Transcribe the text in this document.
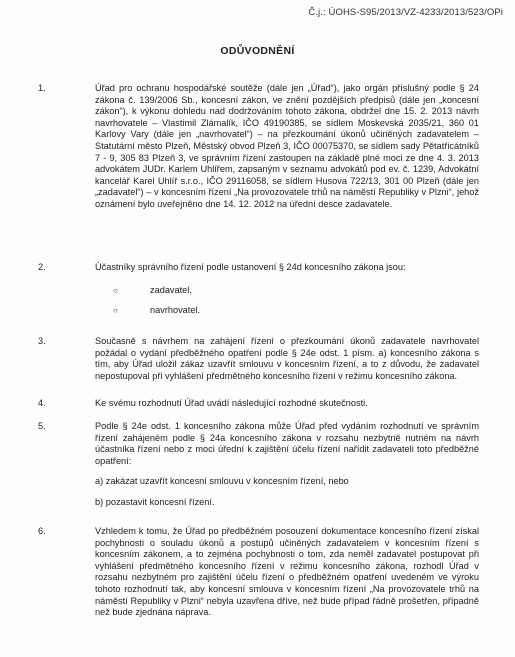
Č.j.: ÚOHS-S95/2013/VZ-4233/2013/523/OPi
ODŮVODNĚNÍ
1.	Úřad pro ochranu hospodářské soutěže (dále jen „Úřad“), jako orgán příslušný podle § 24 zákona č. 139/2006 Sb., koncesní zákon, ve znění pozdějších předpisů (dále jen „koncesní zákon“), k výkonu dohledu nad dodržováním tohoto zákona, obdržel dne 15. 2. 2013 návrh navrhovatele – Vlastimil Zlámalík, IČO 49190385, se sídlem Moskevská 2035/21, 360 01 Karlovy Vary (dále jen „navrhovatel“) – na přezkoumání úkonů učiněných zadavatelem – Statutární město Plzeň, Městský obvod Plzeň 3, IČO 00075370, se sídlem sady Pětatřicátníků 7 - 9, 305 83 Plzeň 3, ve správním řízení zastoupen na základě plné moci ze dne 4. 3. 2013 advokátem JUDr. Karlem Uhlířem, zapsaným v seznamu advokátů pod ev. č. 1239, Advokátní kancelář Karel Uhlíř s.r.o., IČO 29116058, se sídlem Husova 722/13, 301 00 Plzeň (dále jen „zadavatel“) – v koncesním řízení „Na provozovatele trhů na náměstí Republiky v Plzni“, jehož oznámení bylo uveřejněno dne 14. 12. 2012 na úřední desce zadavatele.
2.	Účastníky správního řízení podle ustanovení § 24d koncesního zákona jsou:
○	zadavatel,
○	navrhovatel.
3.	Současně s návrhem na zahájení řízení o přezkoumání úkonů zadavatele navrhovatel požádal o vydání předběžného opatření podle § 24e odst. 1 písm. a) koncesního zákona s tím, aby Úřad uložil zákaz uzavřít smlouvu v koncesním řízení, a to z důvodu, že zadavatel nepostupoval při vyhlášení předmětného koncesního řízení v režimu koncesního zákona.
4.	Ke svému rozhodnutí Úřad uvádí následující rozhodné skutečnosti.
5.	Podle § 24e odst. 1 koncesního zákona může Úřad před vydáním rozhodnutí ve správním řízení zahájeném podle § 24a koncesního zákona v rozsahu nezbytně nutném na návrh účastníka řízení nebo z moci úřední k zajištění účelu řízení nařídit zadavateli toto předběžné opatření:
a) zakázat uzavřít koncesní smlouvu v koncesním řízení, nebo
b) pozastavit koncesní řízení.
6.	Vzhledem k tomu, že Úřad po předběžném posouzení dokumentace koncesního řízení získal pochybnosti o souladu úkonů a postupů učiněných zadavatelem v koncesním řízení s koncesním zákonem, a to zejména pochybnosti o tom, zda neměl zadavatel postupovat při vyhlášení předmětného koncesního řízení v režimu koncesního zákona, rozhodl Úřad v rozsahu nezbytném pro zajištění účelu řízení o předběžném opatření uvedeném ve výroku tohoto rozhodnutí tak, aby koncesní smlouva v koncesním řízení „Na provozovatele trhů na náměstí Republiky v Plzni“ nebyla uzavřena dříve, než bude případ řádně prošetřen, případně než bude zjednána náprava.
